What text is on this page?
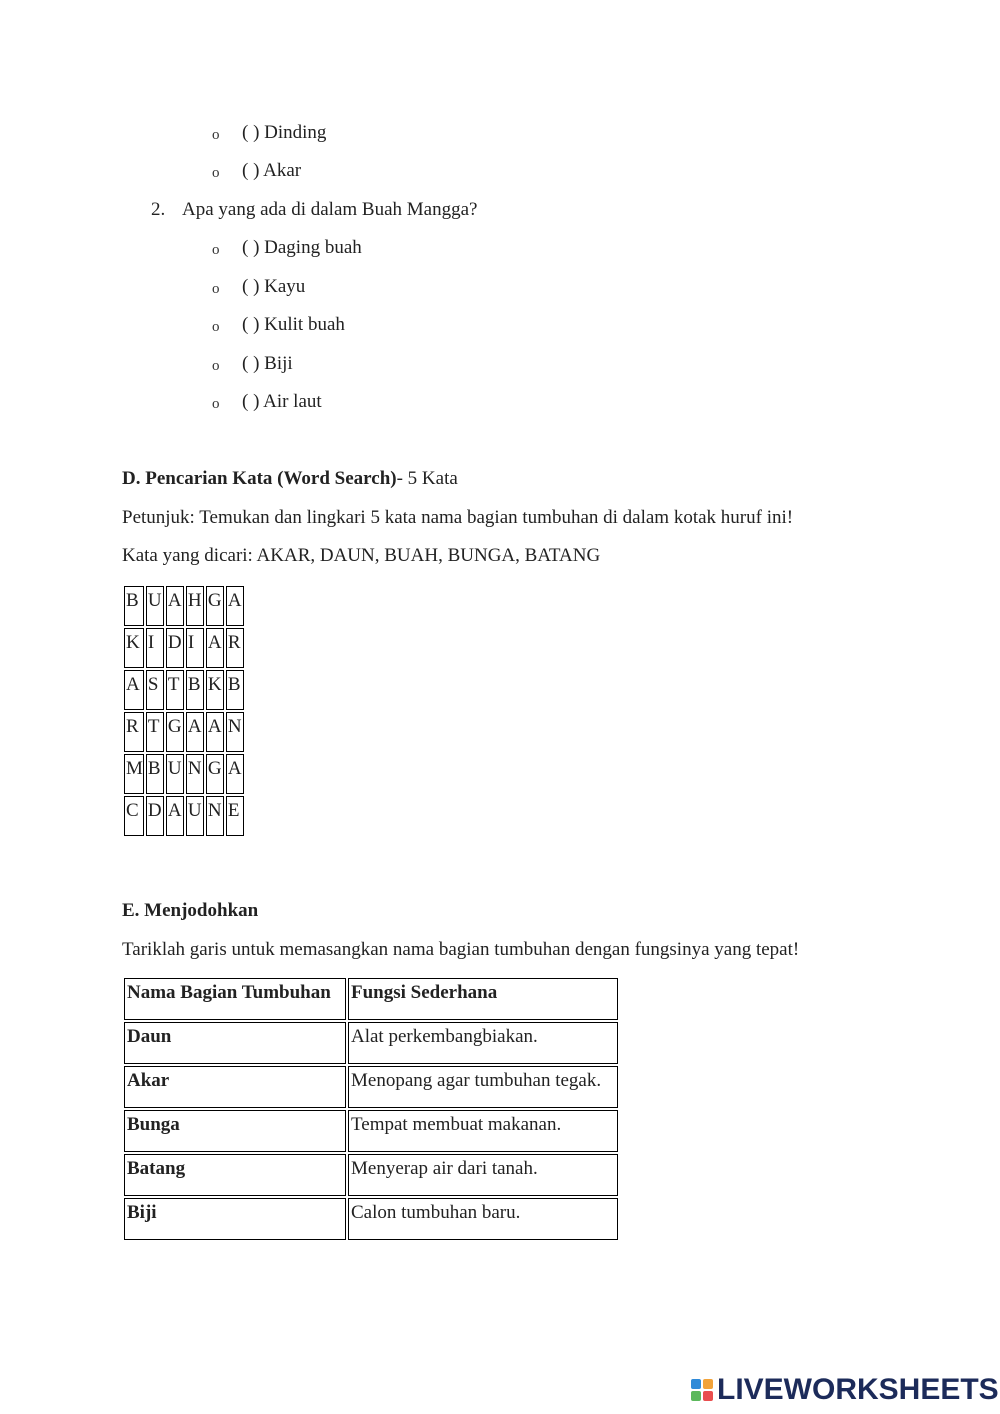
o ( ) Dinding
o ( ) Akar
2. Apa yang ada di dalam Buah Mangga?
o ( ) Daging buah
o ( ) Kayu
o ( ) Kulit buah
o ( ) Biji
o ( ) Air laut
D. Pencarian Kata (Word Search)- 5 Kata
Petunjuk: Temukan dan lingkari 5 kata nama bagian tumbuhan di dalam kotak huruf ini!
Kata yang dicari: AKAR, DAUN, BUAH, BUNGA, BATANG
B	U	A	H	G	A
K	I	D	I	A	R
A	S	T	B	K	B
R	T	G	A	A	N
M	B	U	N	G	A
C	D	A	U	N	E
E. Menjodohkan
Tariklah garis untuk memasangkan nama bagian tumbuhan dengan fungsinya yang tepat!
Nama Bagian Tumbuhan	Fungsi Sederhana
Daun	Alat perkembangbiakan.
Akar	Menopang agar tumbuhan tegak.
Bunga	Tempat membuat makanan.
Batang	Menyerap air dari tanah.
Biji	Calon tumbuhan baru.
LIVEWORKSHEETS
